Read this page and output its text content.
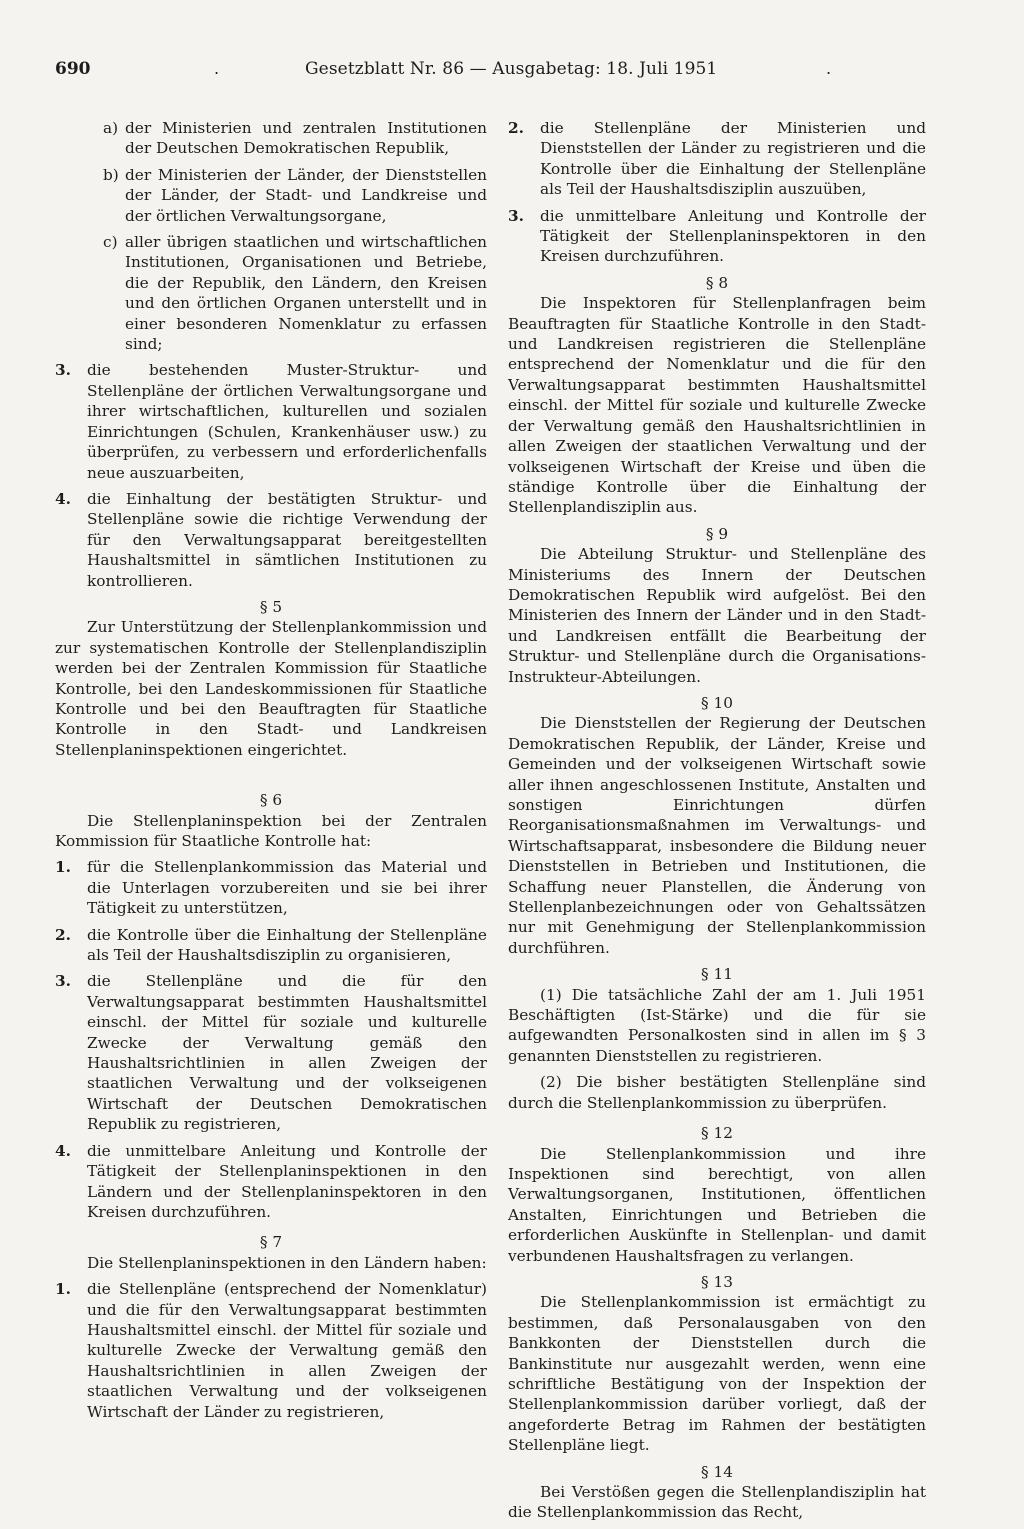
690	.	Gesetzblatt Nr. 86 — Ausgabetag: 18. Juli 1951	.
a) der Ministerien und zentralen Institutionen der Deutschen Demokratischen Republik,
b) der Ministerien der Länder, der Dienststellen der Länder, der Stadt- und Landkreise und der örtlichen Verwaltungsorgane,
c) aller übrigen staatlichen und wirtschaftlichen Institutionen, Organisationen und Betriebe, die der Republik, den Ländern, den Kreisen und den örtlichen Organen unterstellt und in einer besonderen Nomenklatur zu erfassen sind;
3.	die bestehenden Muster-Struktur- und Stellenpläne der örtlichen Verwaltungsorgane und ihrer wirtschaftlichen, kulturellen und sozialen Einrichtungen (Schulen, Krankenhäuser usw.) zu überprüfen, zu verbessern und erforderlichenfalls neue auszuarbeiten,
4.	die Einhaltung der bestätigten Struktur- und Stellenpläne sowie die richtige Verwendung der für den Verwaltungsapparat bereitgestellten Haushaltsmittel in sämtlichen Institutionen zu kontrollieren.
§ 5
Zur Unterstützung der Stellenplankommission und zur systematischen Kontrolle der Stellenplandisziplin werden bei der Zentralen Kommission für Staatliche Kontrolle, bei den Landeskommissionen für Staatliche Kontrolle und bei den Beauftragten für Staatliche Kontrolle in den Stadt- und Landkreisen Stellenplaninspektionen eingerichtet.
§ 6
Die Stellenplaninspektion bei der Zentralen Kommission für Staatliche Kontrolle hat:
1.	für die Stellenplankommission das Material und die Unterlagen vorzubereiten und sie bei ihrer Tätigkeit zu unterstützen,
2.	die Kontrolle über die Einhaltung der Stellenpläne als Teil der Haushaltsdisziplin zu organisieren,
3.	die Stellenpläne und die für den Verwaltungsapparat bestimmten Haushaltsmittel einschl. der Mittel für soziale und kulturelle Zwecke der Verwaltung gemäß den Haushaltsrichtlinien in allen Zweigen der staatlichen Verwaltung und der volkseigenen Wirtschaft der Deutschen Demokratischen Republik zu registrieren,
4.	die unmittelbare Anleitung und Kontrolle der Tätigkeit der Stellenplaninspektionen in den Ländern und der Stellenplaninspektoren in den Kreisen durchzuführen.
§ 7
Die Stellenplaninspektionen in den Ländern haben:
1.	die Stellenpläne (entsprechend der Nomenklatur) und die für den Verwaltungsapparat bestimmten Haushaltsmittel einschl. der Mittel für soziale und kulturelle Zwecke der Verwaltung gemäß den Haushaltsrichtlinien in allen Zweigen der staatlichen Verwaltung und der volkseigenen Wirtschaft der Länder zu registrieren,
2.	die Stellenpläne der Ministerien und Dienststellen der Länder zu registrieren und die Kontrolle über die Einhaltung der Stellenpläne als Teil der Haushaltsdisziplin auszuüben,
3.	die unmittelbare Anleitung und Kontrolle der Tätigkeit der Stellenplaninspektoren in den Kreisen durchzuführen.
§ 8
Die Inspektoren für Stellenplanfragen beim Beauftragten für Staatliche Kontrolle in den Stadt- und Landkreisen registrieren die Stellenpläne entsprechend der Nomenklatur und die für den Verwaltungsapparat bestimmten Haushaltsmittel einschl. der Mittel für soziale und kulturelle Zwecke der Verwaltung gemäß den Haushaltsrichtlinien in allen Zweigen der staatlichen Verwaltung und der volkseigenen Wirtschaft der Kreise und üben die ständige Kontrolle über die Einhaltung der Stellenplandisziplin aus.
§ 9
Die Abteilung Struktur- und Stellenpläne des Ministeriums des Innern der Deutschen Demokratischen Republik wird aufgelöst. Bei den Ministerien des Innern der Länder und in den Stadt- und Landkreisen entfällt die Bearbeitung der Struktur- und Stellenpläne durch die Organisations-Instrukteur-Abteilungen.
§ 10
Die Dienststellen der Regierung der Deutschen Demokratischen Republik, der Länder, Kreise und Gemeinden und der volkseigenen Wirtschaft sowie aller ihnen angeschlossenen Institute, Anstalten und sonstigen Einrichtungen dürfen Reorganisationsmaßnahmen im Verwaltungs- und Wirtschaftsapparat, insbesondere die Bildung neuer Dienststellen in Betrieben und Institutionen, die Schaffung neuer Planstellen, die Änderung von Stellenplanbezeichnungen oder von Gehaltssätzen nur mit Genehmigung der Stellenplankommission durchführen.
§ 11
(1) Die tatsächliche Zahl der am 1. Juli 1951 Beschäftigten (Ist-Stärke) und die für sie aufgewandten Personalkosten sind in allen im § 3 genannten Dienststellen zu registrieren.
(2) Die bisher bestätigten Stellenpläne sind durch die Stellenplankommission zu überprüfen.
§ 12
Die Stellenplankommission und ihre Inspektionen sind berechtigt, von allen Verwaltungsorganen, Institutionen, öffentlichen Anstalten, Einrichtungen und Betrieben die erforderlichen Auskünfte in Stellenplan- und damit verbundenen Haushaltsfragen zu verlangen.
§ 13
Die Stellenplankommission ist ermächtigt zu bestimmen, daß Personalausgaben von den Bankkonten der Dienststellen durch die Bankinstitute nur ausgezahlt werden, wenn eine schriftliche Bestätigung von der Inspektion der Stellenplankommission darüber vorliegt, daß der angeforderte Betrag im Rahmen der bestätigten Stellenpläne liegt.
§ 14
Bei Verstößen gegen die Stellenplandisziplin hat die Stellenplankommission das Recht,
